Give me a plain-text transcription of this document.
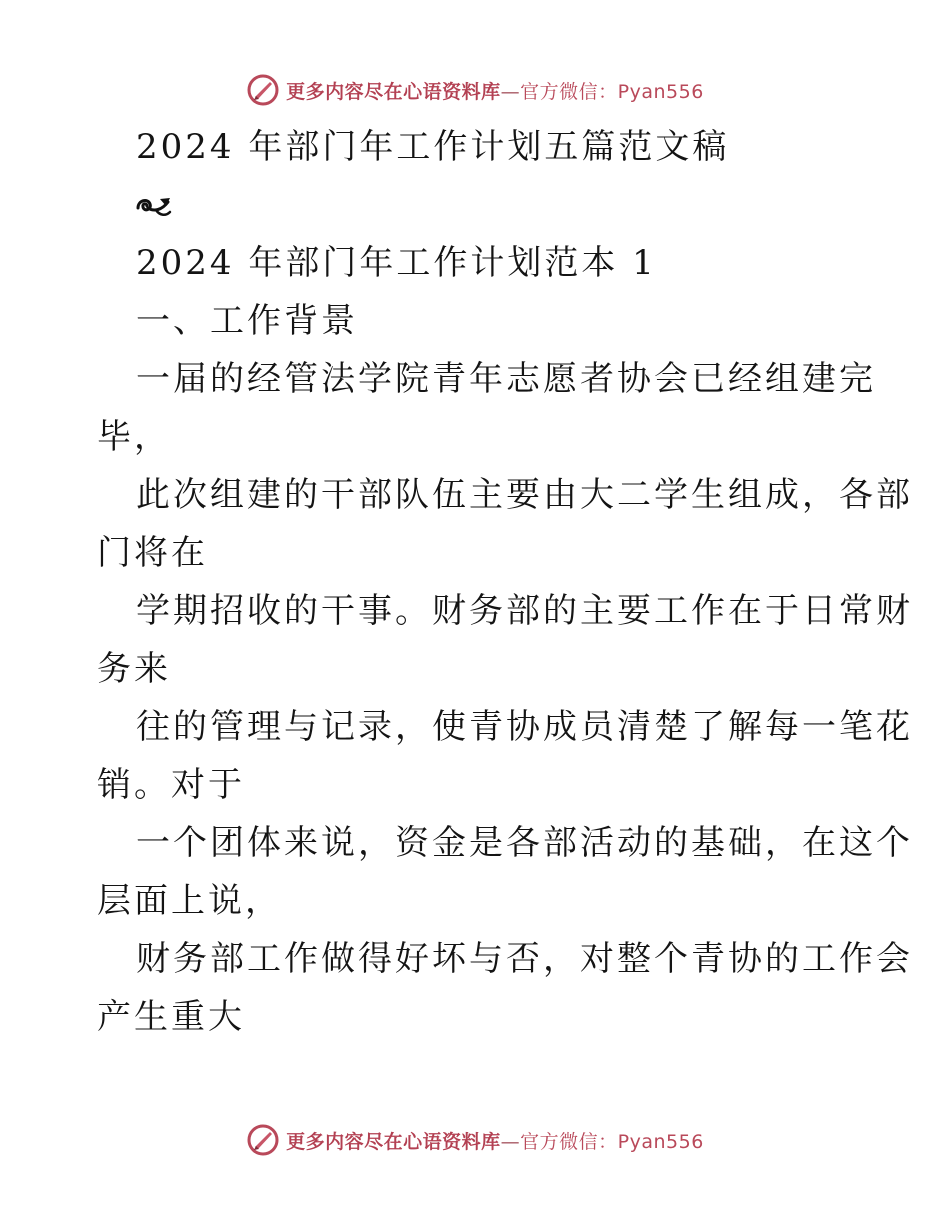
更多内容尽在心语资料库—官方微信：Pyan556
2024 年部门年工作计划五篇范文稿
2024 年部门年工作计划范本 1
一、工作背景
一届的经管法学院青年志愿者协会已经组建完
毕，
此次组建的干部队伍主要由大二学生组成，各部
门将在
学期招收的干事。财务部的主要工作在于日常财
务来
往的管理与记录，使青协成员清楚了解每一笔花
销。对于
一个团体来说，资金是各部活动的基础，在这个
层面上说，
财务部工作做得好坏与否，对整个青协的工作会
产生重大
更多内容尽在心语资料库—官方微信：Pyan556
